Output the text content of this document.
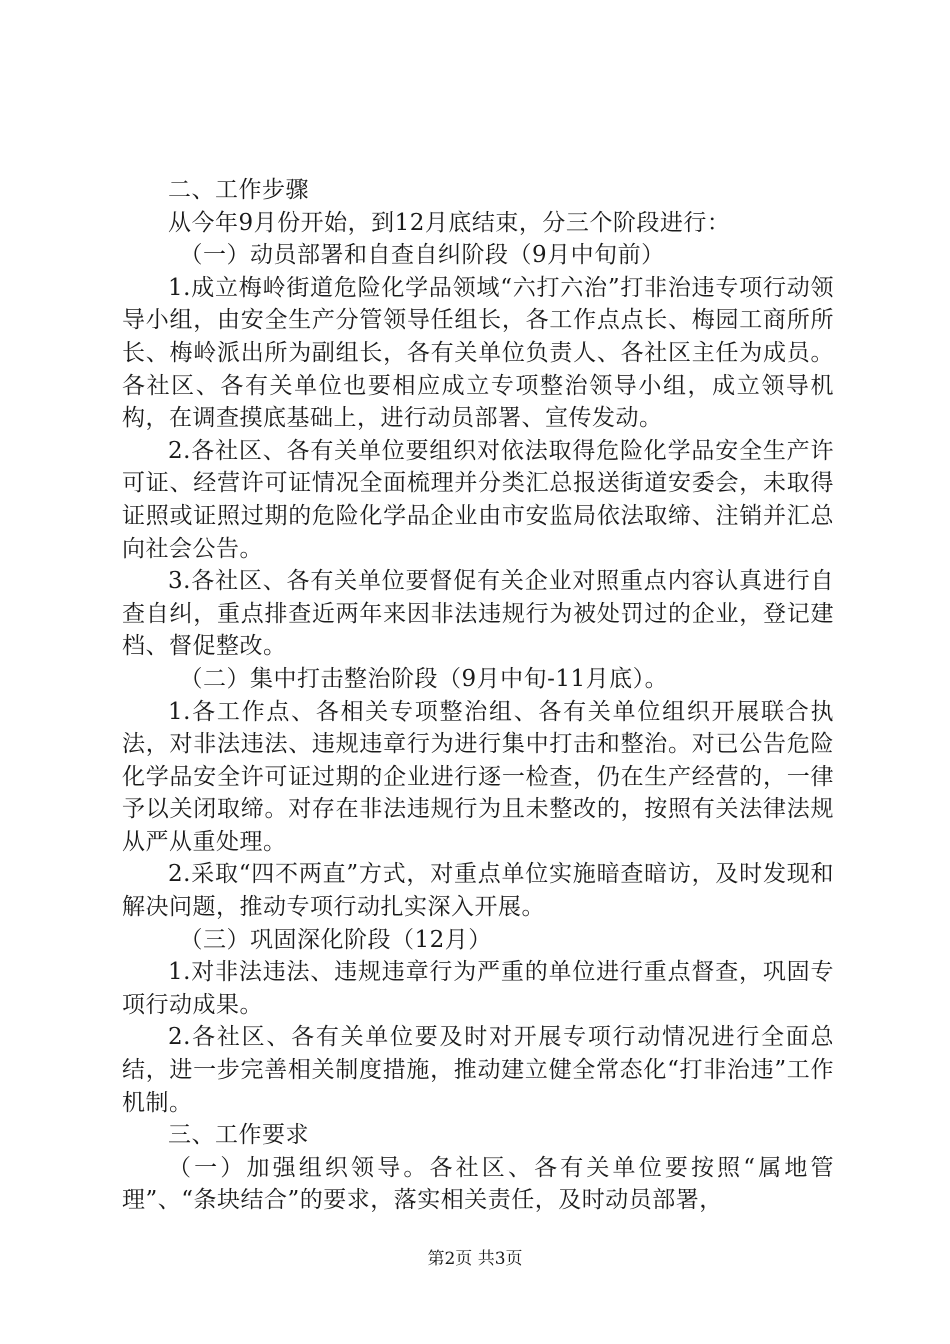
二、工作步骤

从今年9月份开始，到12月底结束，分三个阶段进行：

（一）动员部署和自查自纠阶段（9月中旬前）

1.成立梅岭街道危险化学品领域“六打六治”打非治违专项行动领导小组，由安全生产分管领导任组长，各工作点点长、梅园工商所所长、梅岭派出所为副组长，各有关单位负责人、各社区主任为成员。各社区、各有关单位也要相应成立专项整治领导小组，成立领导机构，在调查摸底基础上，进行动员部署、宣传发动。

2.各社区、各有关单位要组织对依法取得危险化学品安全生产许可证、经营许可证情况全面梳理并分类汇总报送街道安委会，未取得证照或证照过期的危险化学品企业由市安监局依法取缔、注销并汇总向社会公告。

3.各社区、各有关单位要督促有关企业对照重点内容认真进行自查自纠，重点排查近两年来因非法违规行为被处罚过的企业，登记建档、督促整改。

（二）集中打击整治阶段（9月中旬-11月底）。

1.各工作点、各相关专项整治组、各有关单位组织开展联合执法，对非法违法、违规违章行为进行集中打击和整治。对已公告危险化学品安全许可证过期的企业进行逐一检查，仍在生产经营的，一律予以关闭取缔。对存在非法违规行为且未整改的，按照有关法律法规从严从重处理。

2.采取“四不两直”方式，对重点单位实施暗查暗访，及时发现和解决问题，推动专项行动扎实深入开展。

（三）巩固深化阶段（12月）

1.对非法违法、违规违章行为严重的单位进行重点督查，巩固专项行动成果。

2.各社区、各有关单位要及时对开展专项行动情况进行全面总结，进一步完善相关制度措施，推动建立健全常态化“打非治违”工作机制。

三、工作要求

（一）加强组织领导。各社区、各有关单位要按照“属地管理”、“条块结合”的要求，落实相关责任，及时动员部署，

第2页 共3页
